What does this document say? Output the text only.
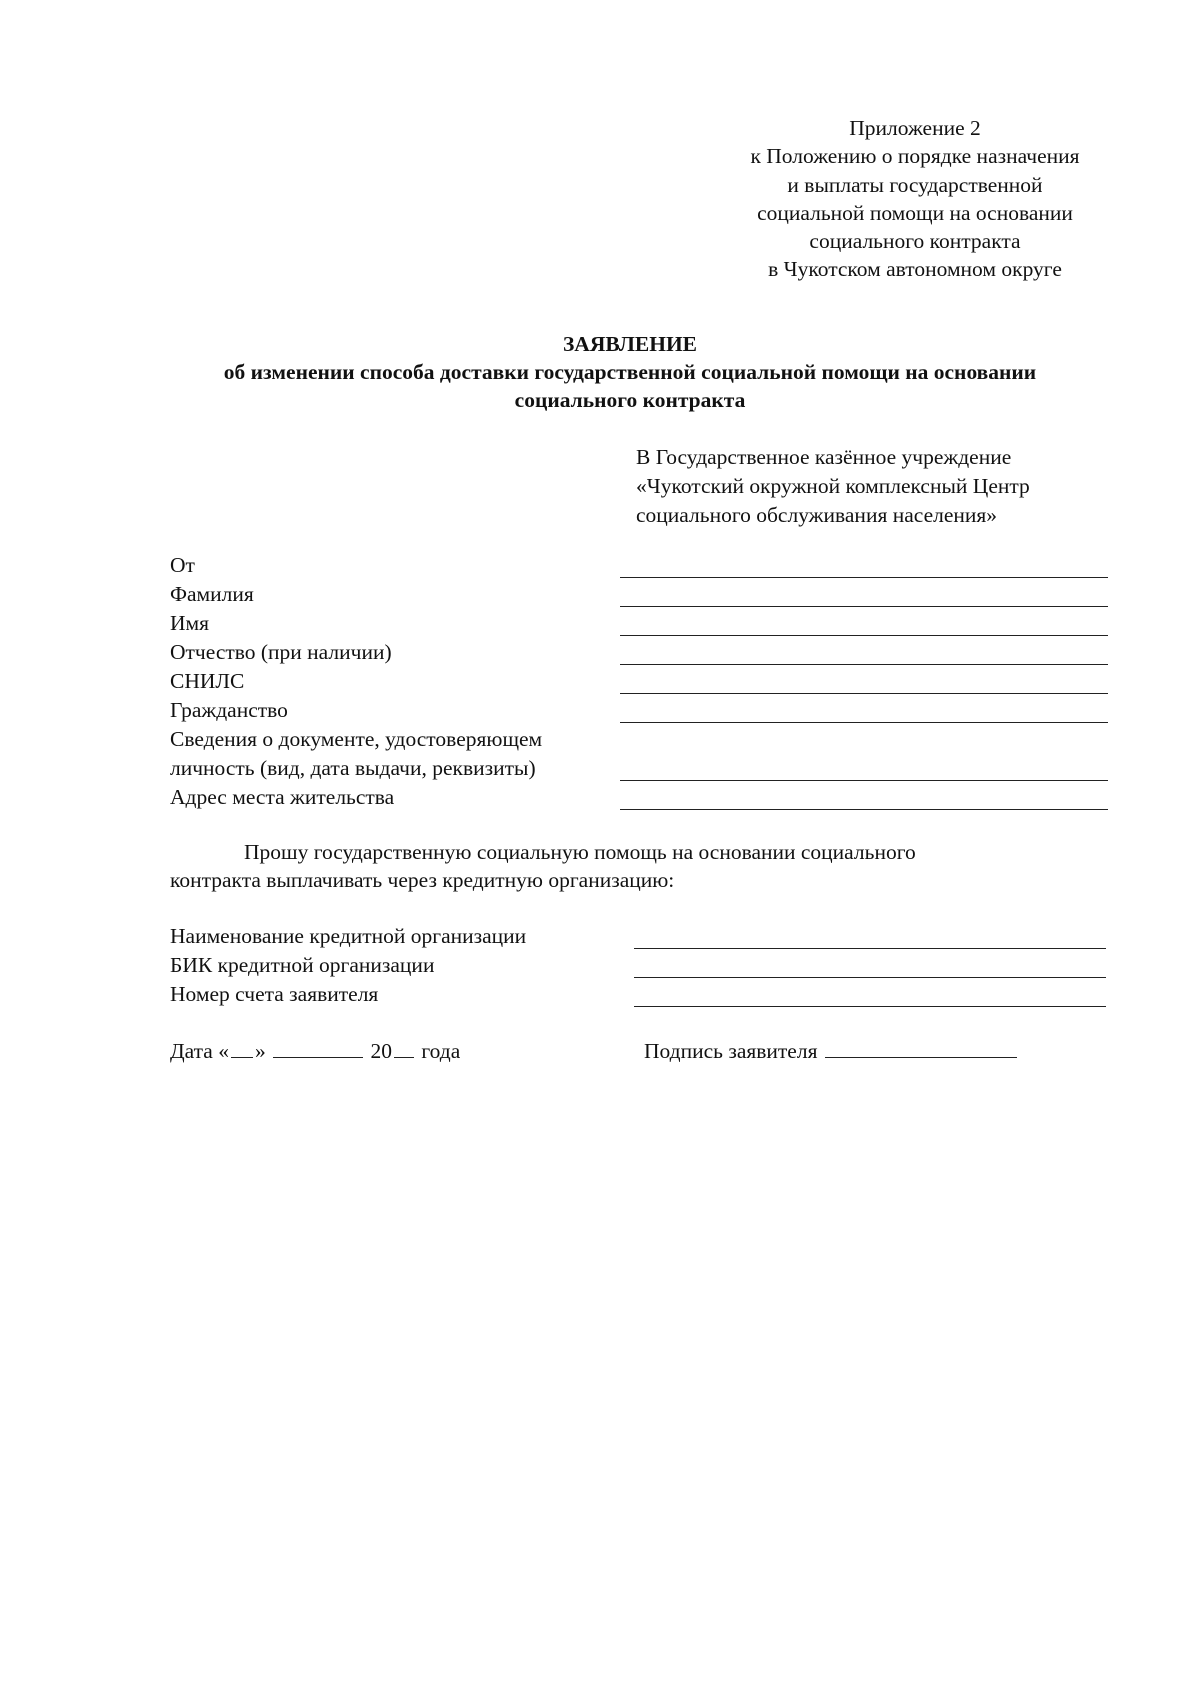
Приложение 2
к Положению о порядке назначения
и выплаты государственной
социальной помощи на основании
социального контракта
в Чукотском автономном округе
ЗАЯВЛЕНИЕ
об изменении способа доставки государственной социальной помощи на основании
социального контракта
В Государственное казённое учреждение
«Чукотский окружной комплексный Центр
социального обслуживания населения»
От
Фамилия
Имя
Отчество (при наличии)
СНИЛС
Гражданство
Сведения о документе, удостоверяющем
личность (вид, дата выдачи, реквизиты)
Адрес места жительства
Прошу государственную социальную помощь на основании социального
контракта выплачивать через кредитную организацию:
Наименование кредитной организации
БИК кредитной организации
Номер счета заявителя
Дата « »	20 года	Подпись заявителя
